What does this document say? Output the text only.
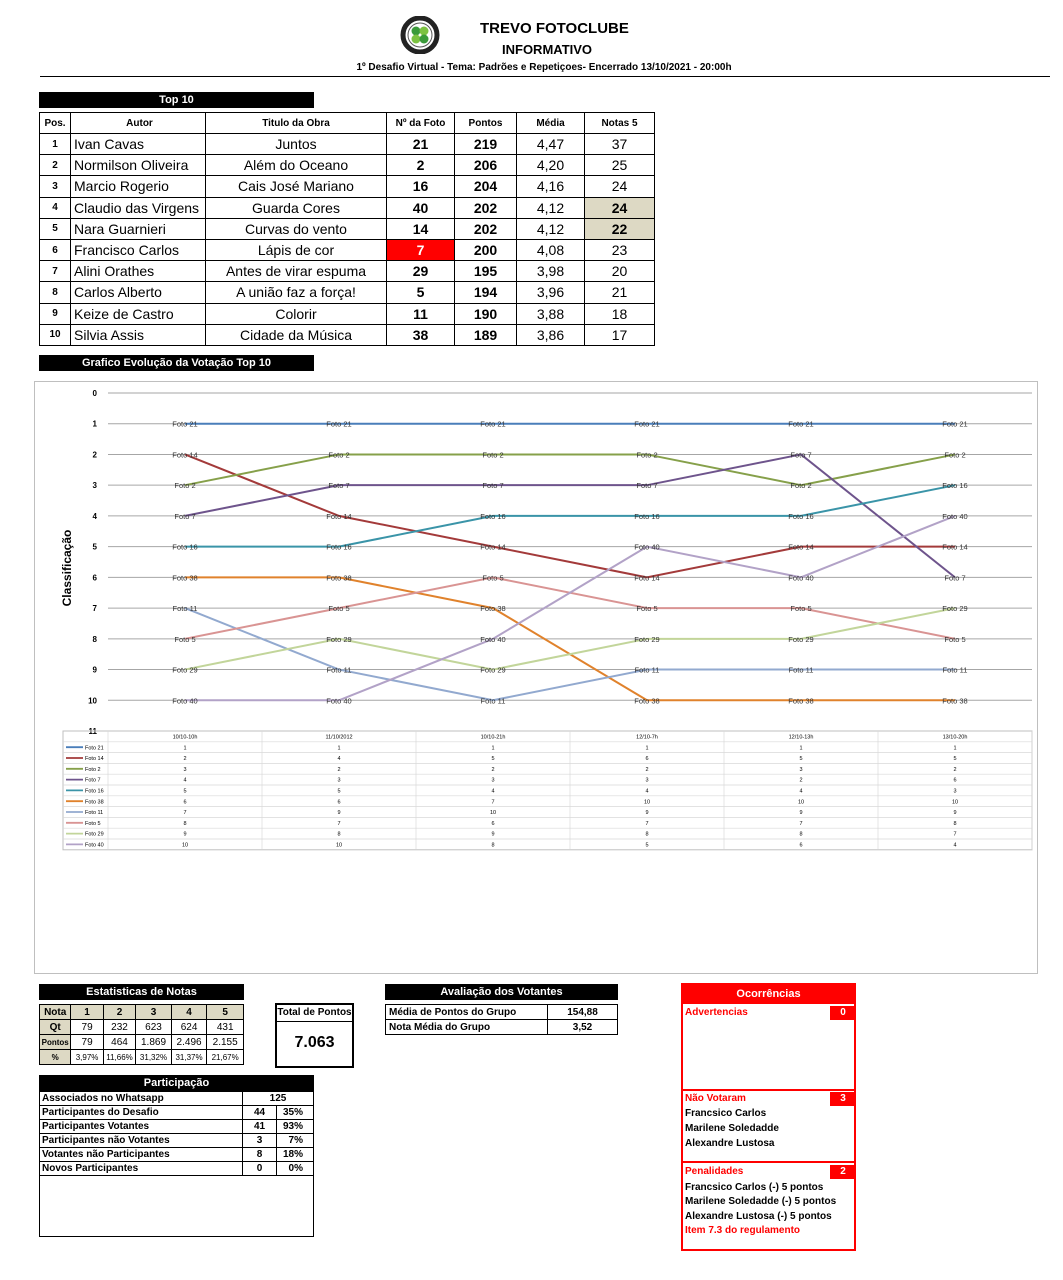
TREVO FOTOCLUBE
INFORMATIVO
1º Desafio Virtual - Tema: Padrões e Repetiçoes- Encerrado 13/10/2021 - 20:00h
Top 10
Pos.	Autor	Titulo da Obra	Nº da Foto	Pontos	Média	Notas 5
1	Ivan Cavas	Juntos	21	219	4,47	37
2	Normilson Oliveira	Além do Oceano	2	206	4,20	25
3	Marcio Rogerio	Cais José Mariano	16	204	4,16	24
4	Claudio das Virgens	Guarda Cores	40	202	4,12	24
5	Nara Guarnieri	Curvas do vento	14	202	4,12	22
6	Francisco Carlos	Lápis de cor	7	200	4,08	23
7	Alini Orathes	Antes de virar espuma	29	195	3,98	20
8	Carlos Alberto	A união faz a força!	5	194	3,96	21
9	Keize de Castro	Colorir	11	190	3,88	18
10	Silvia Assis	Cidade da Música	38	189	3,86	17
Grafico Evolução da Votação Top 10
0
1
2
3
4
5
6
7
8
9
10
11
Classificação
Foto 21	Foto 21	Foto 21	Foto 21	Foto 21	Foto 21
Foto 14
Foto 14
Foto 14
Foto 14
Foto 14	Foto 14
Foto 2
Foto 2	Foto 2	Foto 2
Foto 2
Foto 2
Foto 7
Foto 7	Foto 7	Foto 7
Foto 7
Foto 7
Foto 16	Foto 16
Foto 16	Foto 16	Foto 16
Foto 16
Foto 38	Foto 38
Foto 38
Foto 38	Foto 38	Foto 38
Foto 11
Foto 11
Foto 11
Foto 11	Foto 11	Foto 11
Foto 5
Foto 5
Foto 5
Foto 5	Foto 5
Foto 5
Foto 29
Foto 29
Foto 29
Foto 29	Foto 29
Foto 29
Foto 40	Foto 40
Foto 40
Foto 40
Foto 40
Foto 40
10/10-10h	11/10/2012	10/10-21h	12/10-7h	12/10-13h	13/10-20h
Foto 21	1	1	1	1	1	1
Foto 14	2	4	5	6	5	5
Foto 2	3	2	2	2	3	2
Foto 7	4	3	3	3	2	6
Foto 16	5	5	4	4	4	3
Foto 38	6	6	7	10	10	10
Foto 11	7	9	10	9	9	9
Foto 5	8	7	6	7	7	8
Foto 29	9	8	9	8	8	7
Foto 40	10	10	8	5	6	4
Estatisticas de Notas
Nota	1	2	3	4	5
Qt	79	232	623	624	431
Pontos	79	464	1.869	2.496	2.155
%	3,97%	11,66%	31,32%	31,37%	21,67%
Total de Pontos
7.063
Avaliação dos Votantes
Média de Pontos do Grupo	154,88
Nota Média do Grupo	3,52
Participação
Associados no Whatsapp	125	
Participantes do Desafio	44	35%
Participantes Votantes	41	93%
Participantes não Votantes	3	7%
Votantes não Participantes	8	18%
Novos Participantes	0	0%
Ocorrências
Advertencias	0
Não Votaram	3
Francsico Carlos
Marilene Soledadde
Alexandre Lustosa
Penalidades	2
Francsico Carlos (-) 5 pontos
Marilene Soledadde (-) 5 pontos
Alexandre Lustosa (-) 5 pontos
Item 7.3 do regulamento
